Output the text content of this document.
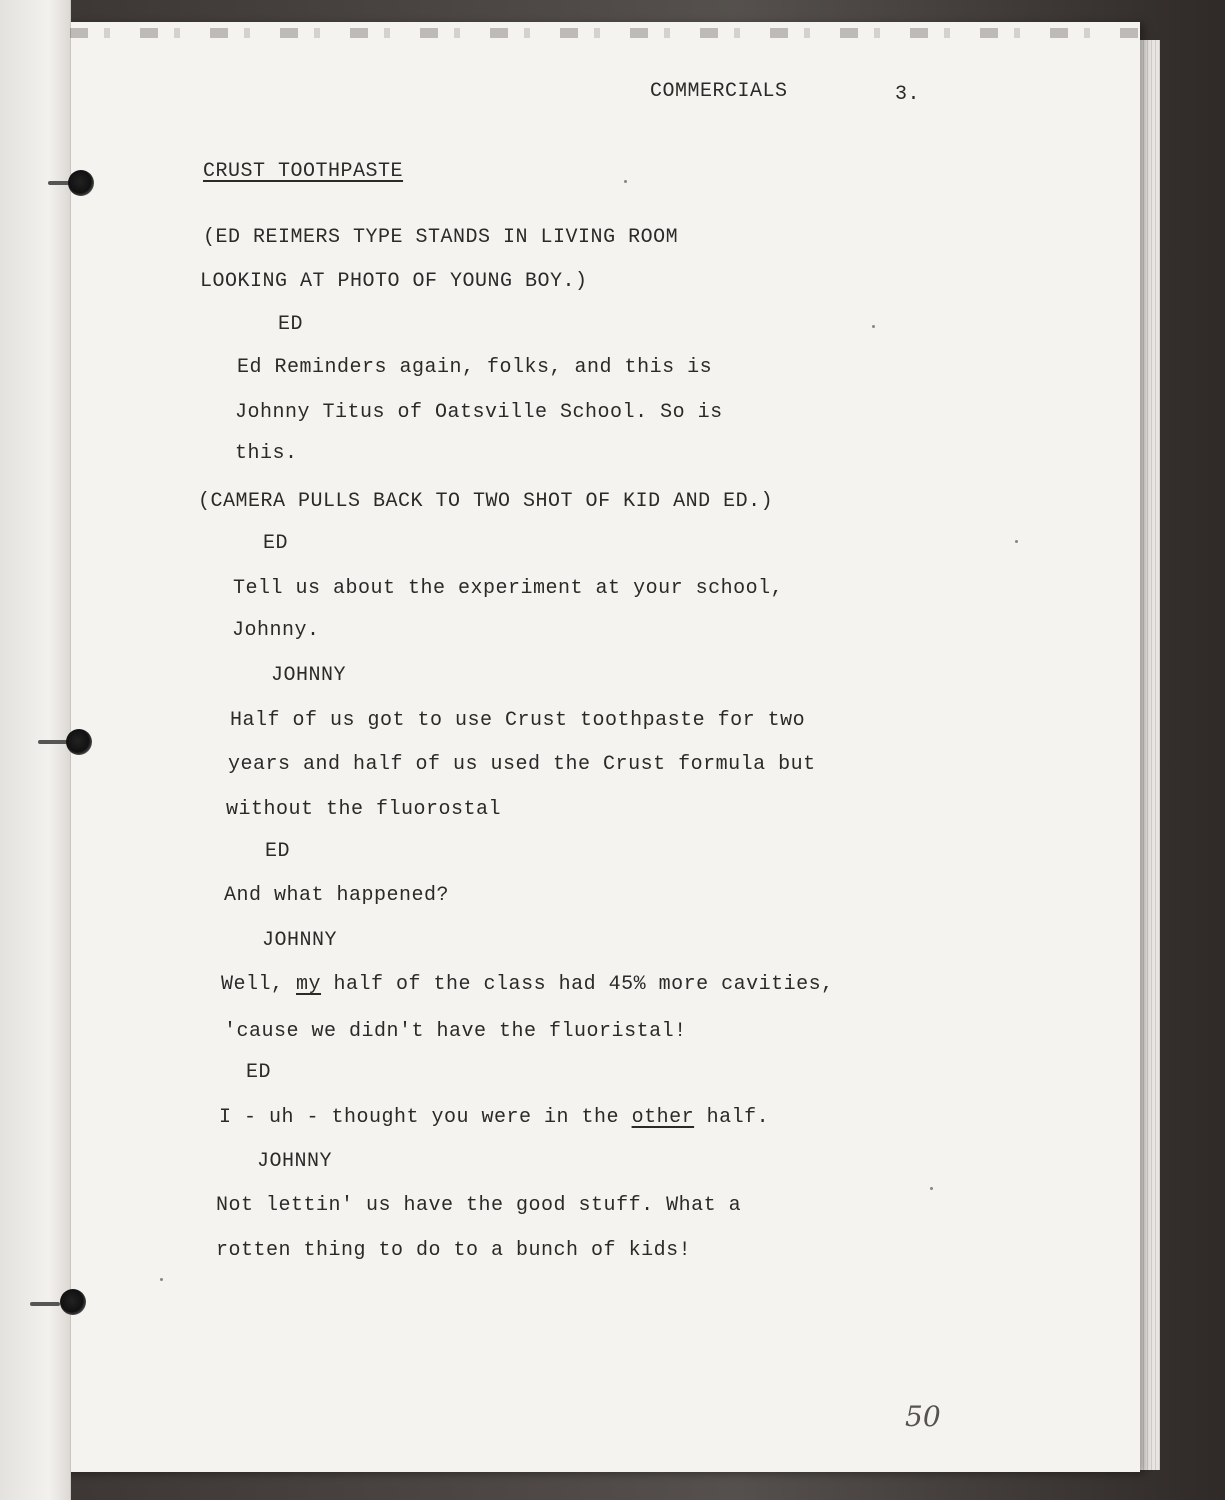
COMMERCIALS	3.
CRUST TOOTHPASTE
(ED REIMERS TYPE STANDS IN LIVING ROOM
LOOKING AT PHOTO OF YOUNG BOY.)
ED
Ed Reminders again, folks, and this is
Johnny Titus of Oatsville School. So is
this.
(CAMERA PULLS BACK TO TWO SHOT OF KID AND ED.)
ED
Tell us about the experiment at your school,
Johnny.
JOHNNY
Half of us got to use Crust toothpaste for two
years and half of us used the Crust formula but
without the fluorostal
ED
And what happened?
JOHNNY
Well, my half of the class had 45% more cavities,
'cause we didn't have the fluoristal!
ED
I - uh - thought you were in the other half.
JOHNNY
Not lettin' us have the good stuff. What a
rotten thing to do to a bunch of kids!
50
